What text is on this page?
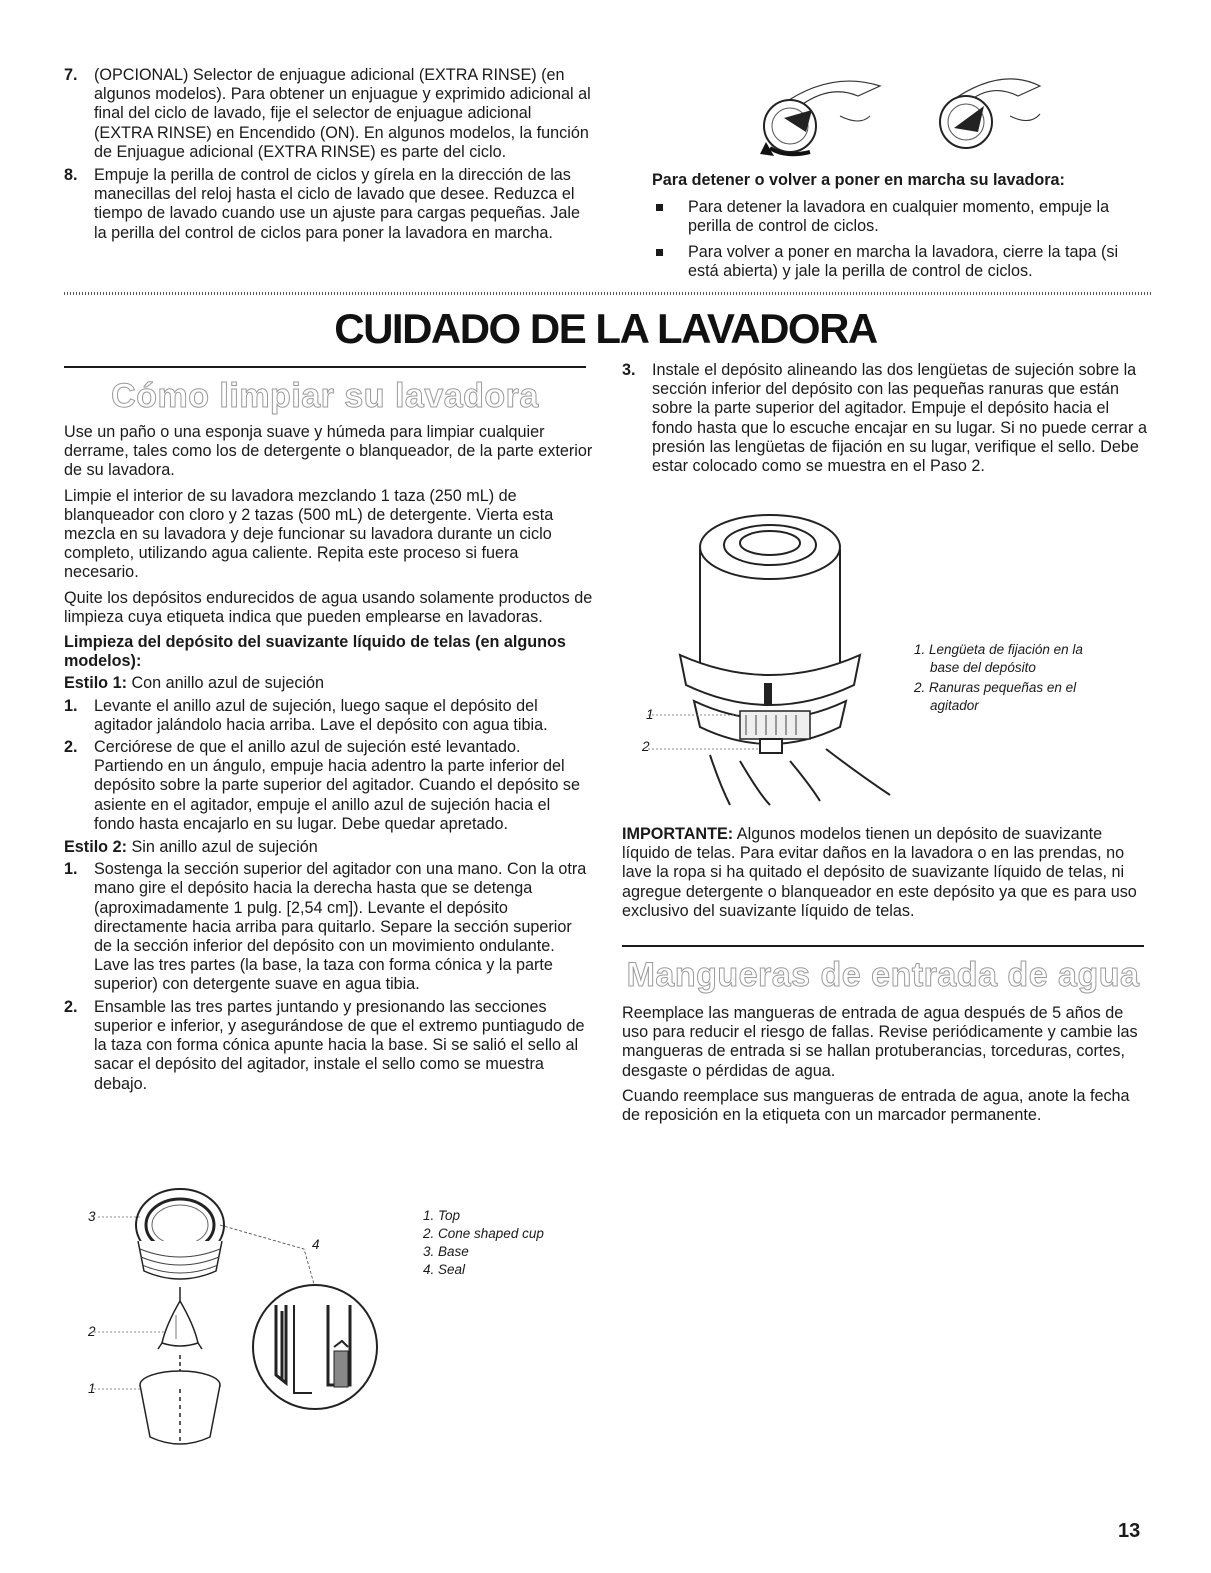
7. (OPCIONAL) Selector de enjuague adicional (EXTRA RINSE) (en algunos modelos). Para obtener un enjuague y exprimido adicional al final del ciclo de lavado, fije el selector de enjuague adicional (EXTRA RINSE) en Encendido (ON). En algunos modelos, la función de Enjuague adicional (EXTRA RINSE) es parte del ciclo.
8. Empuje la perilla de control de ciclos y gírela en la dirección de las manecillas del reloj hasta el ciclo de lavado que desee. Reduzca el tiempo de lavado cuando use un ajuste para cargas pequeñas. Jale la perilla del control de ciclos para poner la lavadora en marcha.
Para detener o volver a poner en marcha su lavadora:
Para detener la lavadora en cualquier momento, empuje la perilla de control de ciclos.
Para volver a poner en marcha la lavadora, cierre la tapa (si está abierta) y jale la perilla de control de ciclos.
CUIDADO DE LA LAVADORA
Cómo limpiar su lavadora

Use un paño o una esponja suave y húmeda para limpiar cualquier derrame, tales como los de detergente o blanqueador, de la parte exterior de su lavadora.

Limpie el interior de su lavadora mezclando 1 taza (250 mL) de blanqueador con cloro y 2 tazas (500 mL) de detergente. Vierta esta mezcla en su lavadora y deje funcionar su lavadora durante un ciclo completo, utilizando agua caliente. Repita este proceso si fuera necesario.

Quite los depósitos endurecidos de agua usando solamente productos de limpieza cuya etiqueta indica que pueden emplearse en lavadoras.

Limpieza del depósito del suavizante líquido de telas (en algunos modelos):

Estilo 1: Con anillo azul de sujeción

1. Levante el anillo azul de sujeción, luego saque el depósito del agitador jalándolo hacia arriba. Lave el depósito con agua tibia.
2. Cerciórese de que el anillo azul de sujeción esté levantado. Partiendo en un ángulo, empuje hacia adentro la parte inferior del depósito sobre la parte superior del agitador. Cuando el depósito se asiente en el agitador, empuje el anillo azul de sujeción hacia el fondo hasta encajarlo en su lugar. Debe quedar apretado.

Estilo 2: Sin anillo azul de sujeción

1. Sostenga la sección superior del agitador con una mano. Con la otra mano gire el depósito hacia la derecha hasta que se detenga (aproximadamente 1 pulg. [2,54 cm]). Levante el depósito directamente hacia arriba para quitarlo. Separe la sección superior de la sección inferior del depósito con un movimiento ondulante. Lave las tres partes (la base, la taza con forma cónica y la parte superior) con detergente suave en agua tibia.
2. Ensamble las tres partes juntando y presionando las secciones superior e inferior, y asegurándose de que el extremo puntiagudo de la taza con forma cónica apunte hacia la base. Si se salió el sello al sacar el depósito del agitador, instale el sello como se muestra debajo.
3
4
2
1
1. Top
2. Cone shaped cup
3. Base
4. Seal
3. Instale el depósito alineando las dos lengüetas de sujeción sobre la sección inferior del depósito con las pequeñas ranuras que están sobre la parte superior del agitador. Empuje el depósito hacia el fondo hasta que lo escuche encajar en su lugar. Si no puede cerrar a presión las lengüetas de fijación en su lugar, verifique el sello. Debe estar colocado como se muestra en el Paso 2.
1
2
1. Lengüeta de fijación en la base del depósito
2. Ranuras pequeñas en el agitador

IMPORTANTE: Algunos modelos tienen un depósito de suavizante líquido de telas. Para evitar daños en la lavadora o en las prendas, no lave la ropa si ha quitado el depósito de suavizante líquido de telas, ni agregue detergente o blanqueador en este depósito ya que es para uso exclusivo del suavizante líquido de telas.

Mangueras de entrada de agua

Reemplace las mangueras de entrada de agua después de 5 años de uso para reducir el riesgo de fallas. Revise periódicamente y cambie las mangueras de entrada si se hallan protuberancias, torceduras, cortes, desgaste o pérdidas de agua.

Cuando reemplace sus mangueras de entrada de agua, anote la fecha de reposición en la etiqueta con un marcador permanente.

13
